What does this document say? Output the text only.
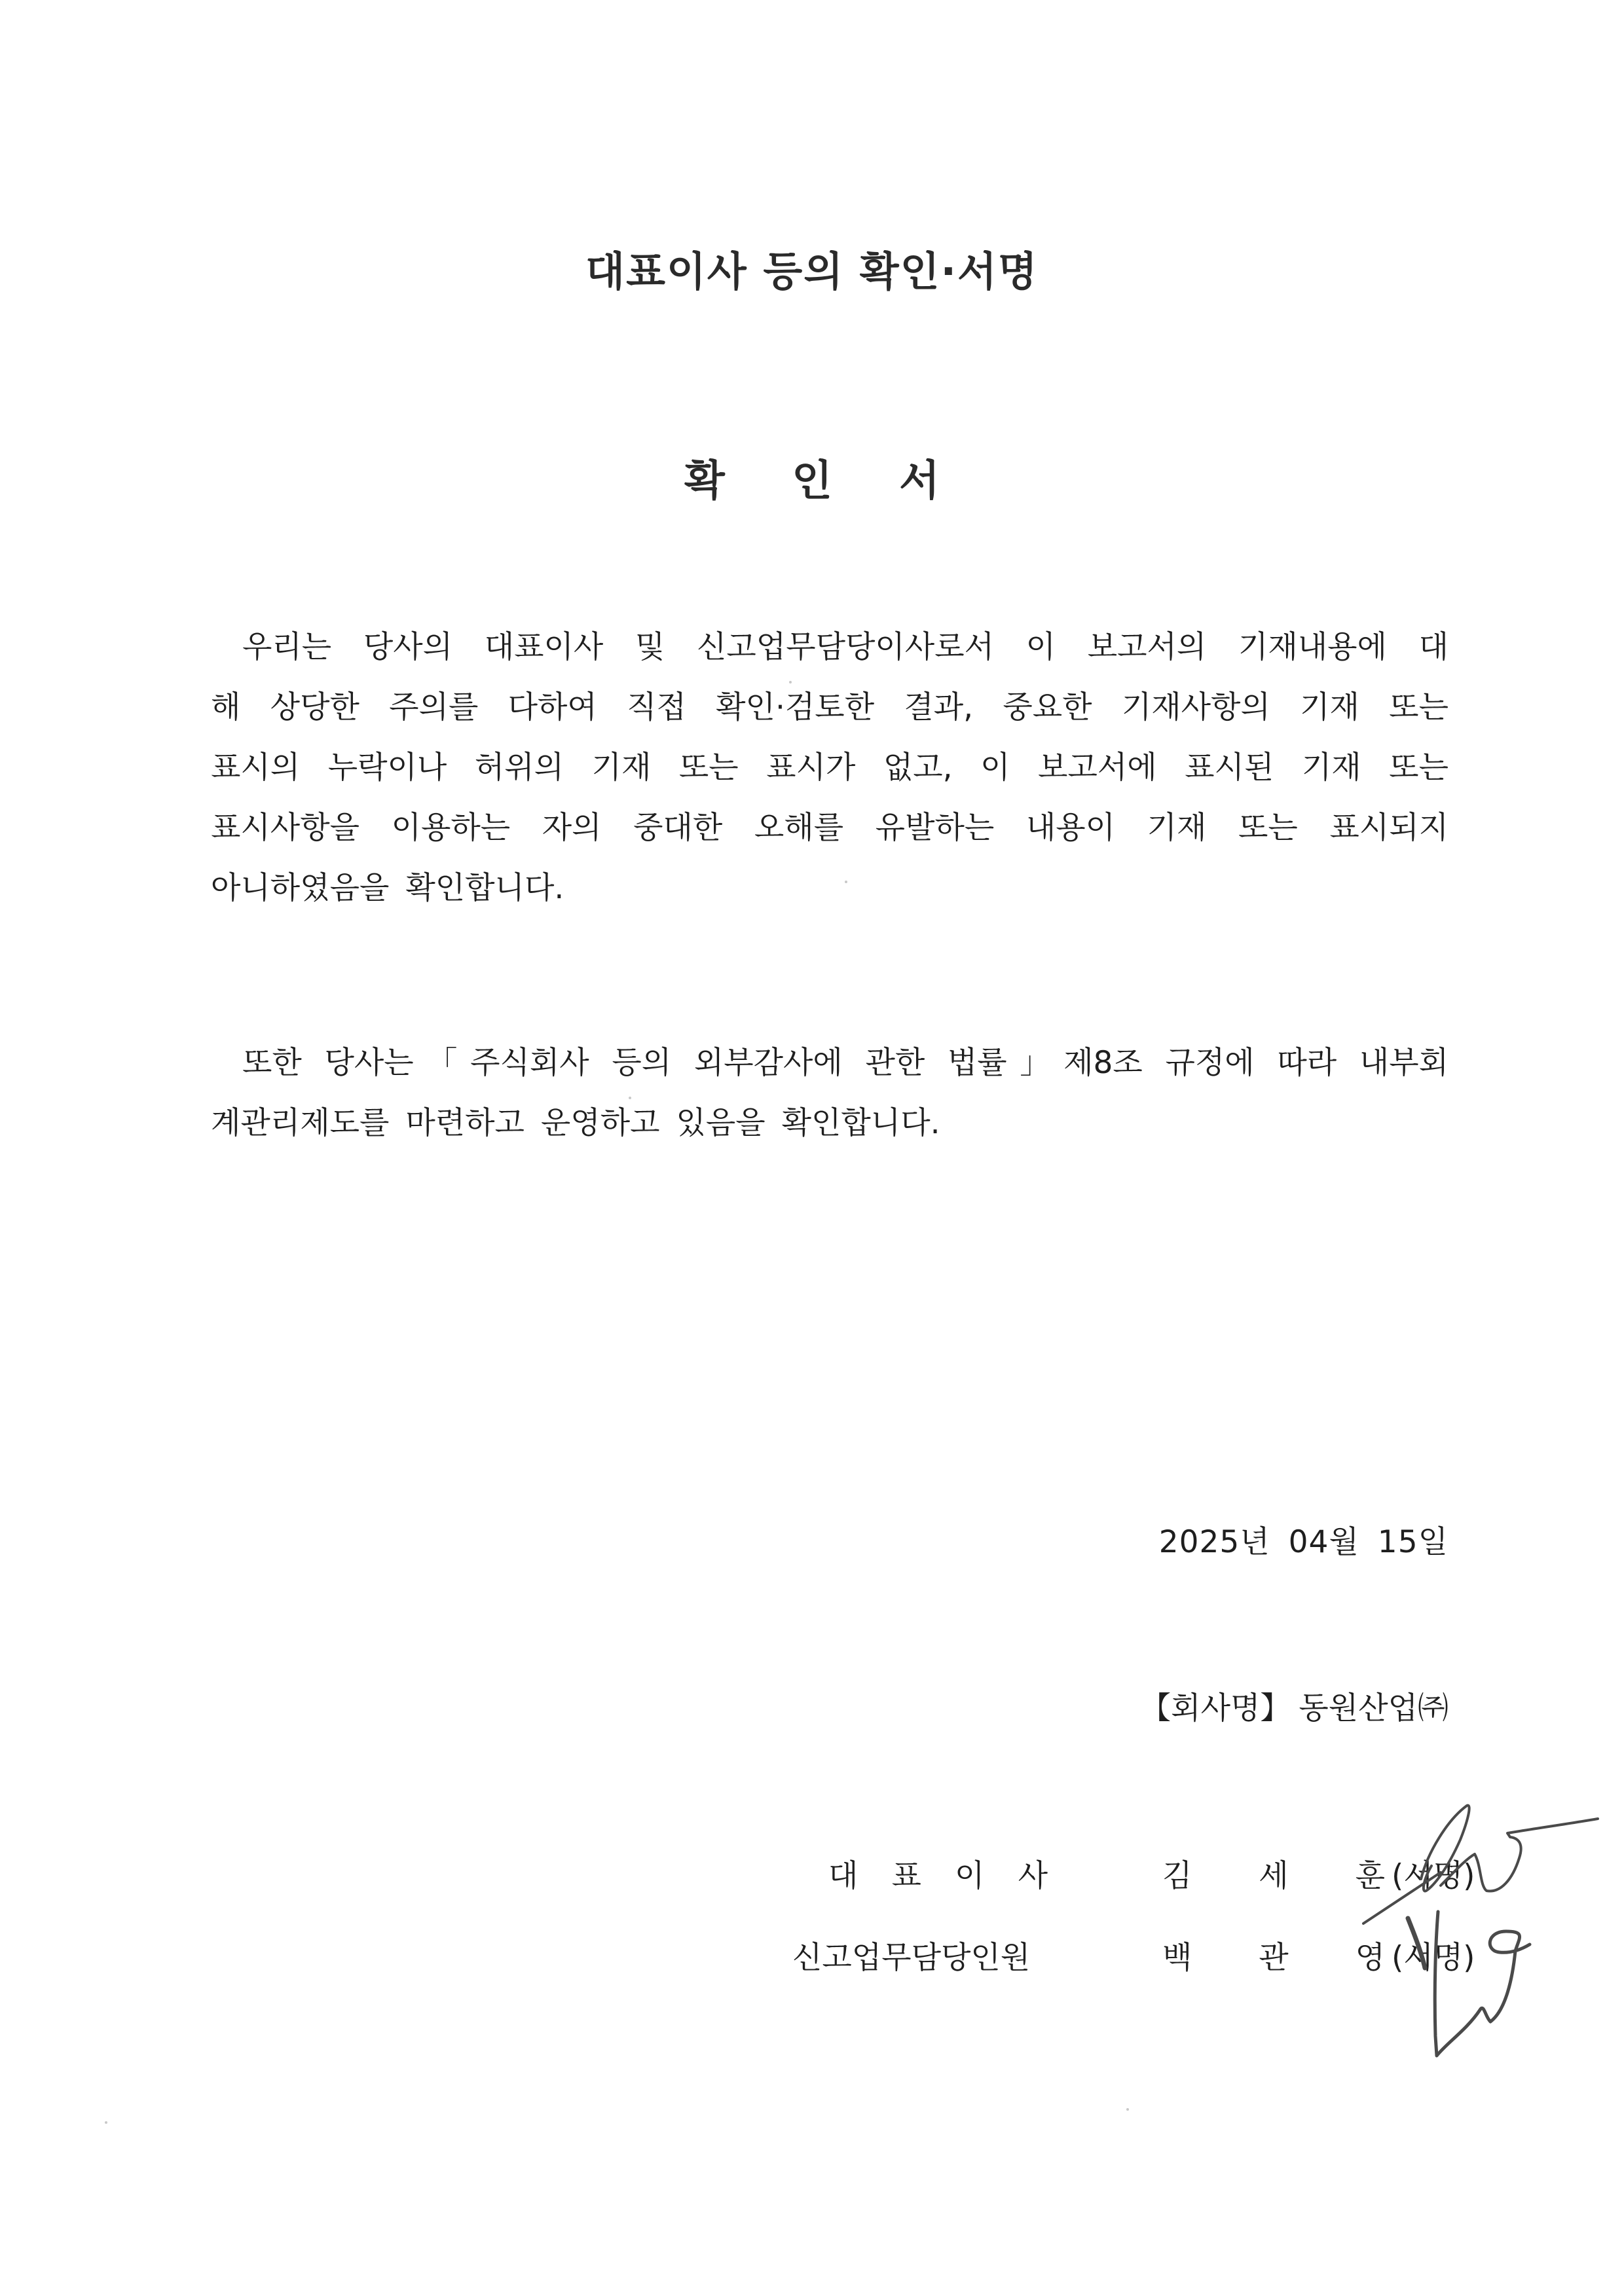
대표이사 등의 확인·서명
확 인 서
우리는 당사의 대표이사 및 신고업무담당이사로서 이 보고서의 기재내용에 대
해 상당한 주의를 다하여 직접 확인·검토한 결과, 중요한 기재사항의 기재 또는
표시의 누락이나 허위의 기재 또는 표시가 없고, 이 보고서에 표시된 기재 또는
표시사항을 이용하는 자의 중대한 오해를 유발하는 내용이 기재 또는 표시되지
아니하였음을 확인합니다.
또한 당사는「주식회사 등의 외부감사에 관한 법률」제8조 규정에 따라 내부회
계관리제도를 마련하고 운영하고 있음을 확인합니다.
2025년 04월 15일
【회사명】 동원산업㈜
대 표 이 사	김 세 훈 (서명)
신고업무담당인원	백 관 영 (서명)
